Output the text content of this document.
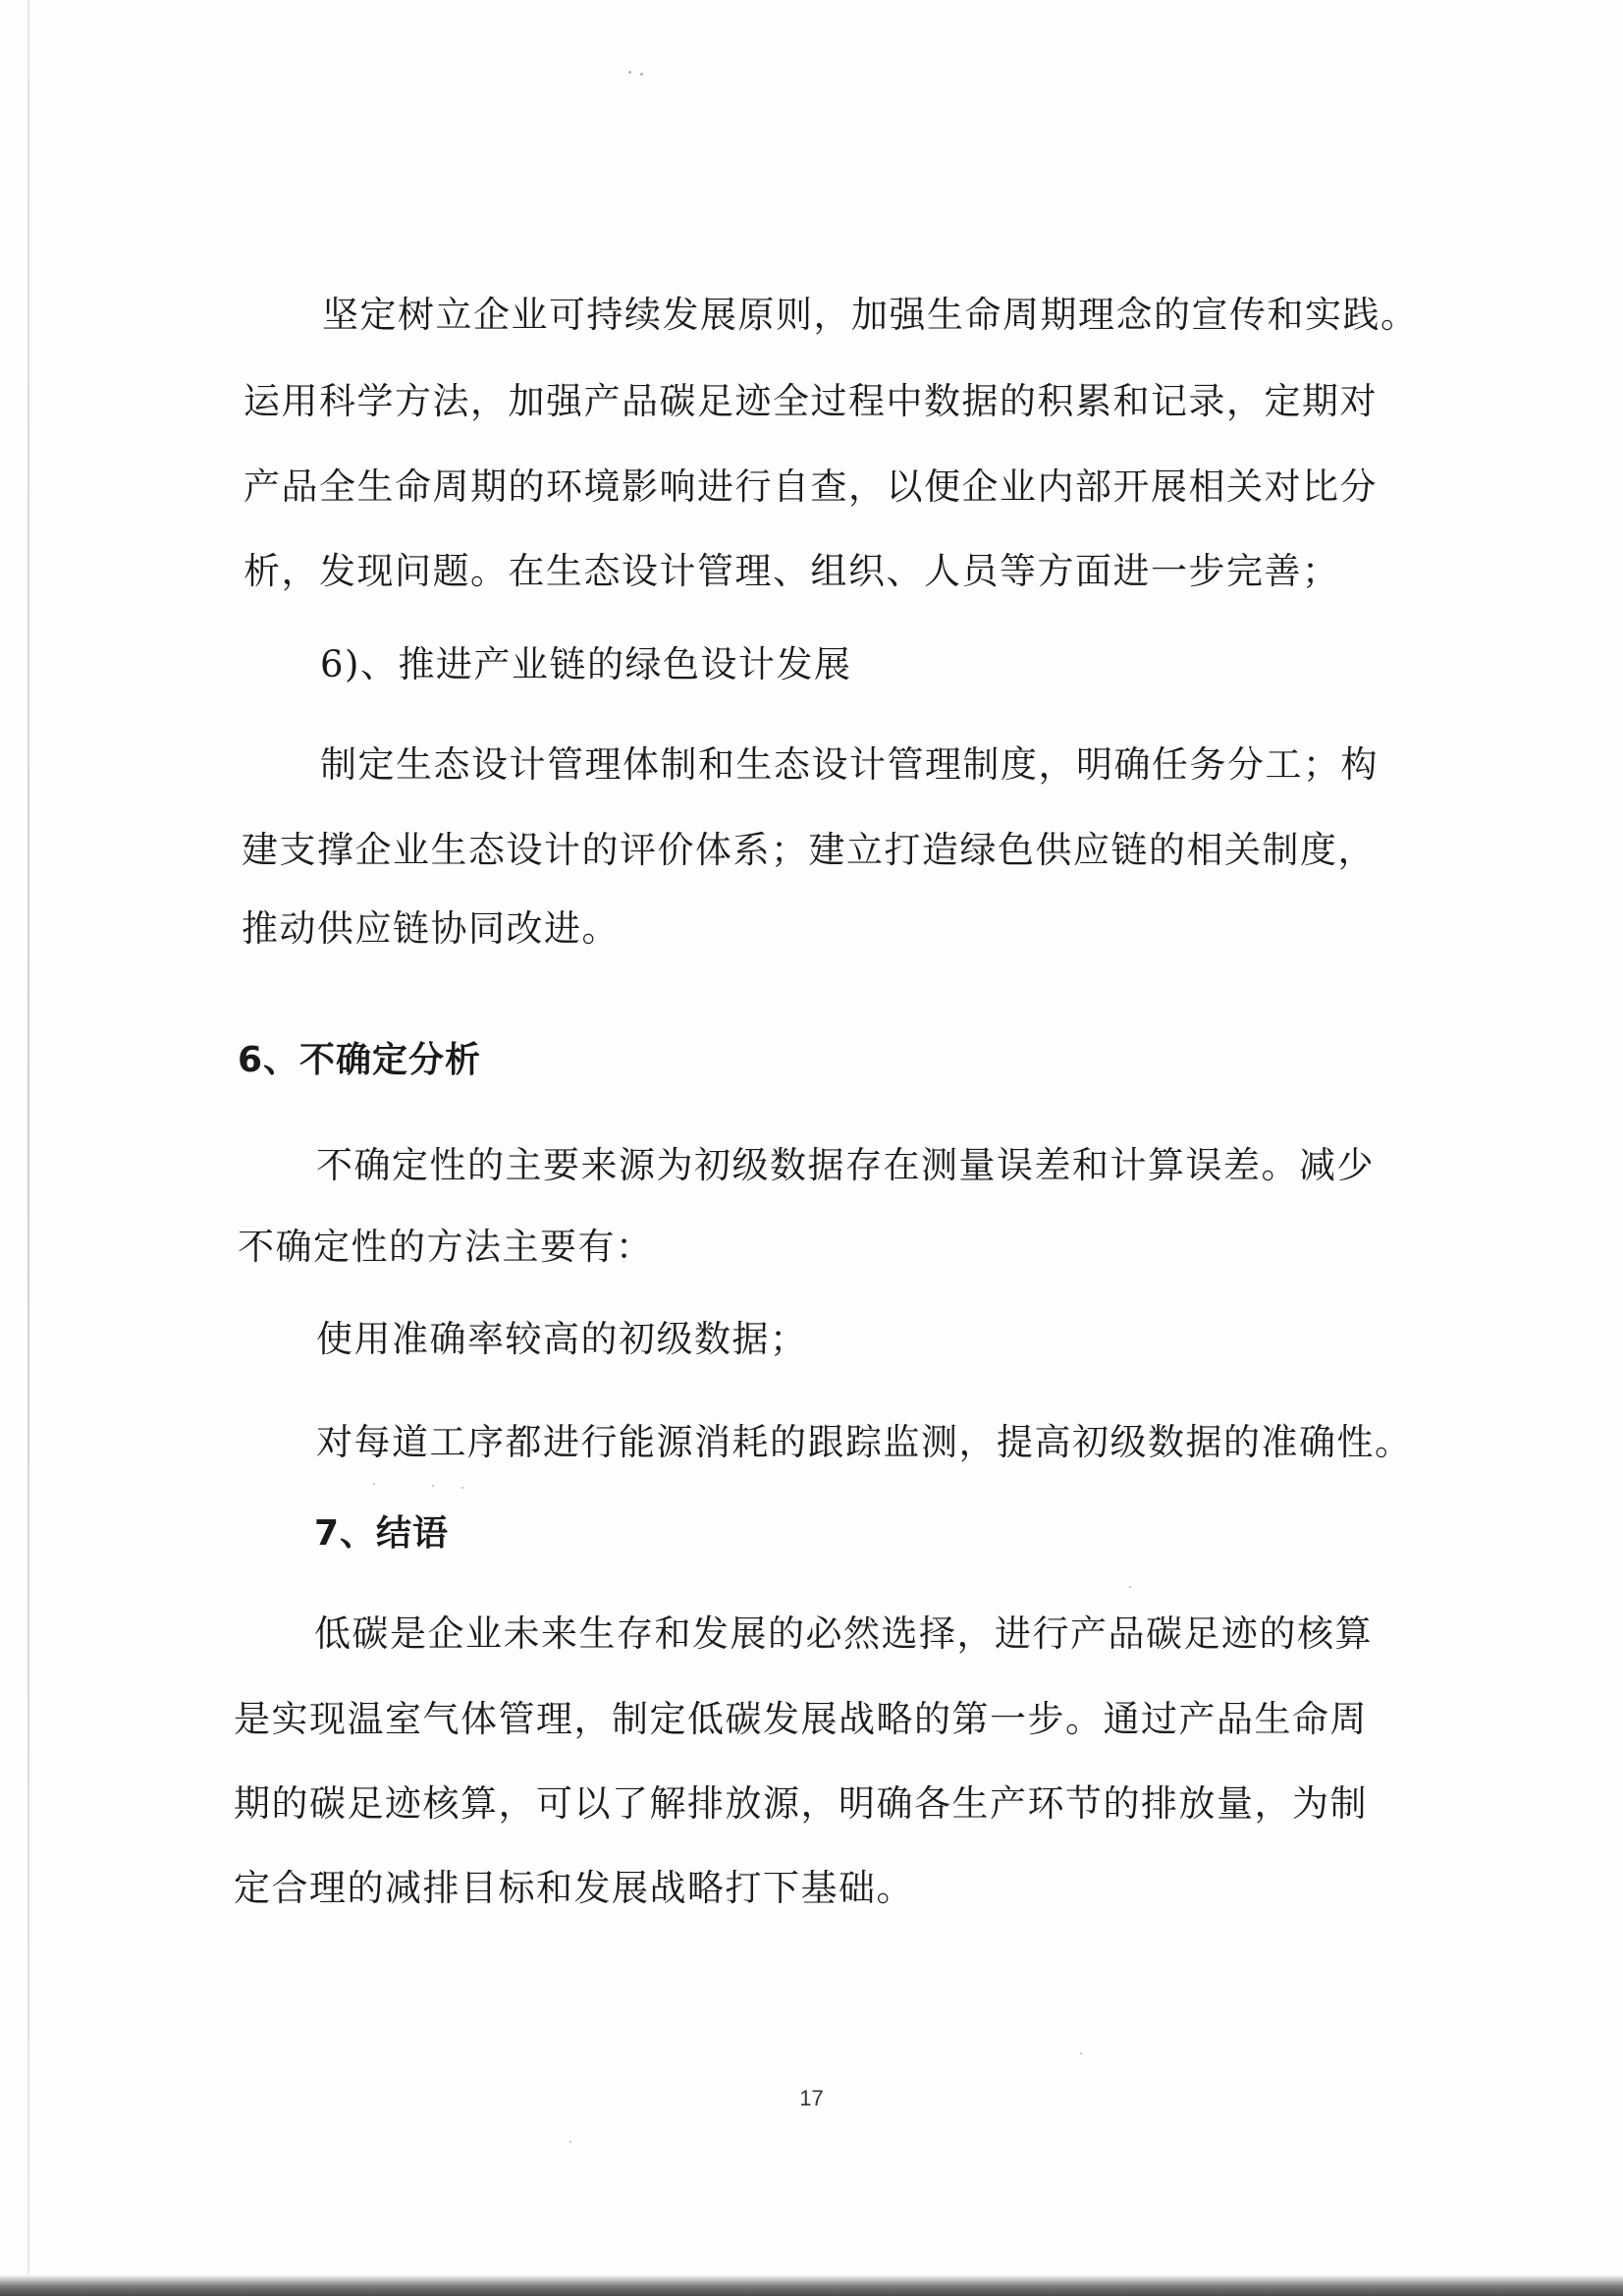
坚定树立企业可持续发展原则，加强生命周期理念的宣传和实践。
运用科学方法，加强产品碳足迹全过程中数据的积累和记录，定期对
产品全生命周期的环境影响进行自查，以便企业内部开展相关对比分
析，发现问题。在生态设计管理、组织、人员等方面进一步完善；
6)、推进产业链的绿色设计发展
制定生态设计管理体制和生态设计管理制度，明确任务分工；构
建支撑企业生态设计的评价体系；建立打造绿色供应链的相关制度，
推动供应链协同改进。
6、不确定分析
不确定性的主要来源为初级数据存在测量误差和计算误差。减少
不确定性的方法主要有：
使用准确率较高的初级数据；
对每道工序都进行能源消耗的跟踪监测，提高初级数据的准确性。
7、结语
低碳是企业未来生存和发展的必然选择，进行产品碳足迹的核算
是实现温室气体管理，制定低碳发展战略的第一步。通过产品生命周
期的碳足迹核算，可以了解排放源，明确各生产环节的排放量，为制
定合理的减排目标和发展战略打下基础。
17
